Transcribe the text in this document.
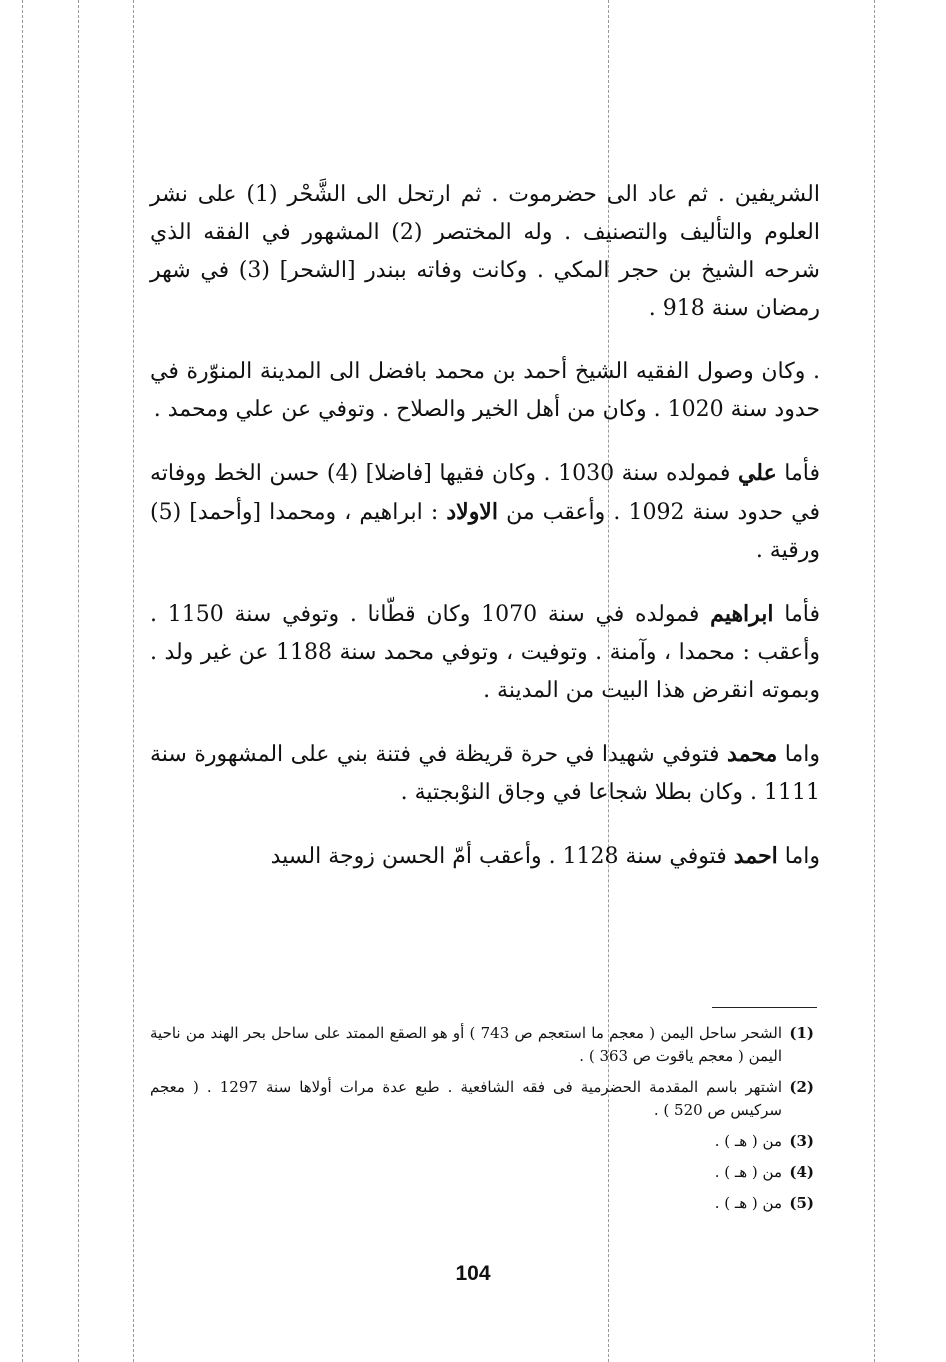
الشريفين . ثم عاد الى حضرموت . ثم ارتحل الى الشَّحْر (1) على نشر العلوم والتأليف والتصنيف . وله المختصر (2) المشهور في الفقه الذي شرحه الشيخ بن حجر المكي . وكانت وفاته ببندر [الشحر] (3) في شهر رمضان سنة 918 .

. وكان وصول الفقيه الشيخ أحمد بن محمد بافضل الى المدينة المنوّرة في حدود سنة 1020 . وكان من أهل الخير والصلاح . وتوفي عن علي ومحمد .

فأما علي فمولده سنة 1030 . وكان فقيها [فاضلا] (4) حسن الخط ووفاته في حدود سنة 1092 . وأعقب من الاولاد : ابراهيم ، ومحمدا [وأحمد] (5) ورقية .

فأما ابراهيم فمولده في سنة 1070 وكان قطّانا . وتوفي سنة 1150 . وأعقب : محمدا ، وآمنة . وتوفيت ، وتوفي محمد سنة 1188 عن غير ولد . وبموته انقرض هذا البيت من المدينة .

واما محمد فتوفي شهيدا في حرة قريظة في فتنة بني على المشهورة سنة 1111 . وكان بطلا شجاعا في وجاق النوْبجتية .

واما احمد فتوفي سنة 1128 . وأعقب أمّ الحسن زوجة السيد

(1)
الشحر ساحل اليمن ( معجم ما استعجم ص 743 ) أو هو الصقع الممتد على ساحل بحر الهند من ناحية اليمن ( معجم ياقوت ص 363 ) .
(2)
اشتهر باسم المقدمة الحضرمية فى فقه الشافعية . طبع عدة مرات أولاها سنة 1297 . ( معجم سركيس ص 520 ) .
(3)
من ( هـ ) .
(4)
من ( هـ ) .
(5)
من ( هـ ) .
104
